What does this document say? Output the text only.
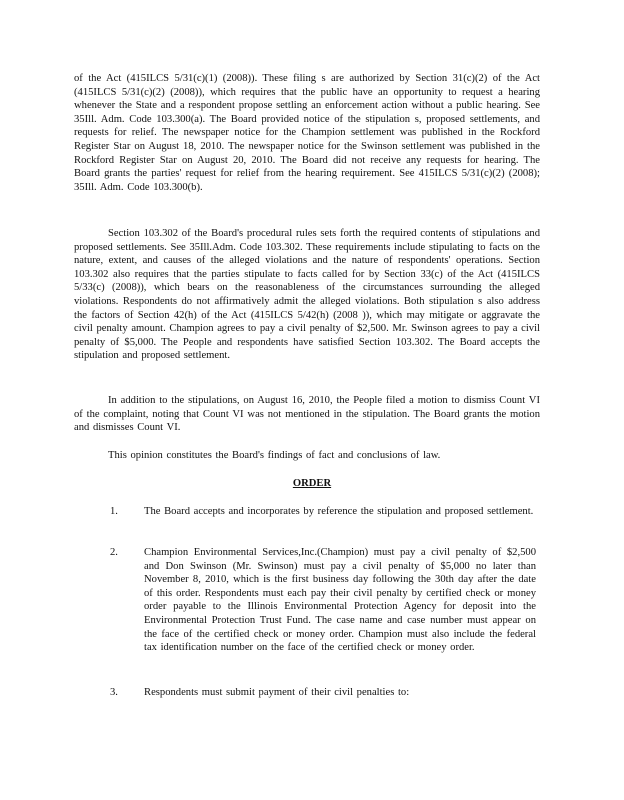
of the Act (415ILCS 5/31(c)(1) (2008)). These filing s are authorized by Section 31(c)(2) of the Act (415ILCS 5/31(c)(2) (2008)), which requires that the public have an opportunity to request a hearing whenever the State and a respondent propose settling an enforcement action without a public hearing. See 35Ill. Adm. Code 103.300(a). The Board provided notice of the stipulation s, proposed settlements, and requests for relief. The newspaper notice for the Champion settlement was published in the Rockford Register Star on August 18, 2010. The newspaper notice for the Swinson settlement was published in the Rockford Register Star on August 20, 2010. The Board did not receive any requests for hearing. The Board grants the parties' request for relief from the hearing requirement. See 415ILCS 5/31(c)(2) (2008); 35Ill. Adm. Code 103.300(b).

Section 103.302 of the Board's procedural rules sets forth the required contents of stipulations and proposed settlements. See 35Ill.Adm. Code 103.302. These requirements include stipulating to facts on the nature, extent, and causes of the alleged violations and the nature of respondents' operations. Section 103.302 also requires that the parties stipulate to facts called for by Section 33(c) of the Act (415ILCS 5/33(c) (2008)), which bears on the reasonableness of the circumstances surrounding the alleged violations. Respondents do not affirmatively admit the alleged violations. Both stipulation s also address the factors of Section 42(h) of the Act (415ILCS 5/42(h) (2008 )), which may mitigate or aggravate the civil penalty amount. Champion agrees to pay a civil penalty of $2,500. Mr. Swinson agrees to pay a civil penalty of $5,000. The People and respondents have satisfied Section 103.302. The Board accepts the stipulation and proposed settlement.

In addition to the stipulations, on August 16, 2010, the People filed a motion to dismiss Count VI of the complaint, noting that Count VI was not mentioned in the stipulation. The Board grants the motion and dismisses Count VI.

This opinion constitutes the Board's findings of fact and conclusions of law.

ORDER

1. The Board accepts and incorporates by reference the stipulation and proposed settlement.

2. Champion Environmental Services,Inc.(Champion) must pay a civil penalty of $2,500 and Don Swinson (Mr. Swinson) must pay a civil penalty of $5,000 no later than November 8, 2010, which is the first business day following the 30th day after the date of this order. Respondents must each pay their civil penalty by certified check or money order payable to the Illinois Environmental Protection Agency for deposit into the Environmental Protection Trust Fund. The case name and case number must appear on the face of the certified check or money order. Champion must also include the federal tax identification number on the face of the certified check or money order.

3. Respondents must submit payment of their civil penalties to:
